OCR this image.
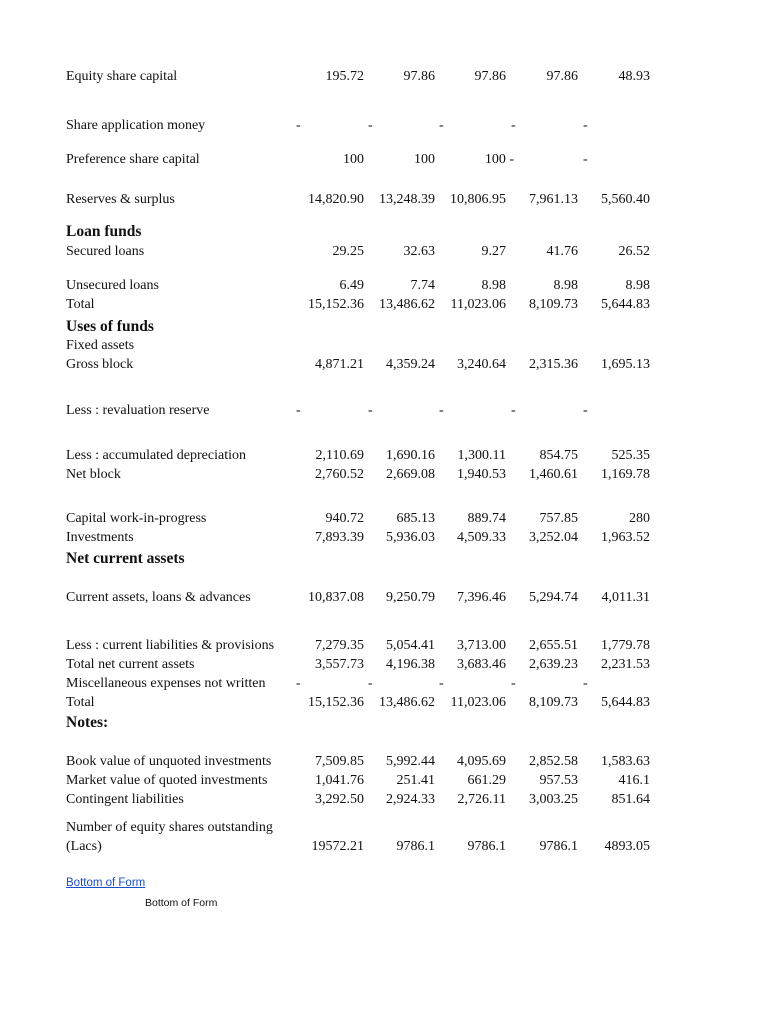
Equity share capital	195.72	97.86	97.86	97.86	48.93
Share application money	-	-	-	-	-
Preference share capital	100	100	100 -	-
Reserves & surplus	14,820.90 13,248.39 10,806.95 7,961.13 5,560.40
Loan funds
Secured loans	29.25	32.63	9.27	41.76	26.52
Unsecured loans	6.49	7.74	8.98	8.98	8.98
Total	15,152.36 13,486.62 11,023.06 8,109.73 5,644.83
Uses of funds
Fixed assets
Gross block	4,871.21 4,359.24 3,240.64 2,315.36 1,695.13
Less : revaluation reserve	-	-	-	-	-
Less : accumulated depreciation	2,110.69 1,690.16 1,300.11 854.75 525.35
Net block	2,760.52 2,669.08 1,940.53 1,460.61 1,169.78
Capital work-in-progress	940.72 685.13 889.74 757.85	280
Investments	7,893.39 5,936.03 4,509.33 3,252.04 1,963.52
Net current assets
Current assets, loans & advances	10,837.08 9,250.79 7,396.46 5,294.74 4,011.31
Less : current liabilities & provisions	7,279.35 5,054.41 3,713.00 2,655.51 1,779.78
Total net current assets	3,557.73 4,196.38 3,683.46 2,639.23 2,231.53
Miscellaneous expenses not written -	-	-	-	-
Total	15,152.36 13,486.62 11,023.06 8,109.73 5,644.83
Notes:
Book value of unquoted investments	7,509.85 5,992.44 4,095.69 2,852.58 1,583.63
Market value of quoted investments	1,041.76 251.41 661.29 957.53	416.1
Contingent liabilities	3,292.50 2,924.33 2,726.11 3,003.25 851.64
Number of equity shares outstanding
(Lacs)	19572.21 9786.1 9786.1 9786.1 4893.05
Bottom of Form
Bottom of Form
